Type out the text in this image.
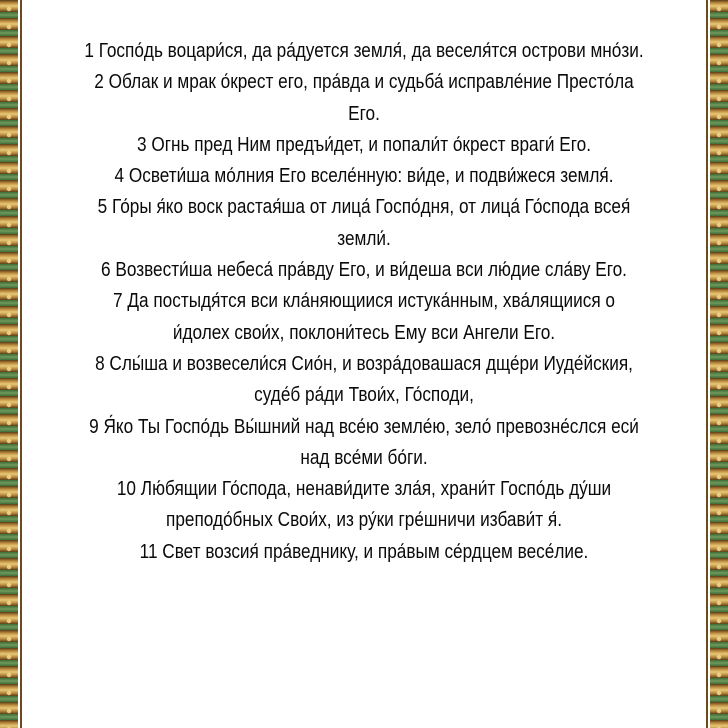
1 Госпо́дь воцари́ся, да ра́дуется земля́, да веселя́тся острови мно́зи.
2 Облак и мрак о́крест его, пра́вда и судьба́ исправле́ние Престо́ла
Его.
3 Огнь пред Ним предъи́дет, и попали́т о́крест враги́ Его.
4 Освети́ша мо́лния Его вселе́нную: ви́де, и подви́жеся земля́.
5 Го́ры я́ко воск растая́ша от лица́ Госпо́дня, от лица́ Го́спода всея́
земли́.
6 Возвести́ша небеса́ пра́вду Его, и ви́деша вси лю́дие сла́ву Его.
7 Да постыдя́тся вси кла́няющиися истука́нным, хва́лящиися о
и́долех свои́х, поклони́тесь Ему вси Ангели Его.
8 Слы́ша и возвесели́ся Сио́н, и возра́довашася дще́ри Иуде́йския,
суде́б ра́ди Твои́х, Го́споди,
9 Я́ко Ты Госпо́дь Вы́шний над все́ю земле́ю, зело́ превозне́слся еси́
над все́ми бо́ги.
10 Лю́бящии Го́спода, ненави́дите зла́я, храни́т Госпо́дь ду́ши
преподо́бных Свои́х, из ру́ки гре́шничи избави́т я́.
11 Свет возсия́ пра́веднику, и пра́вым се́рдцем весе́лие.
